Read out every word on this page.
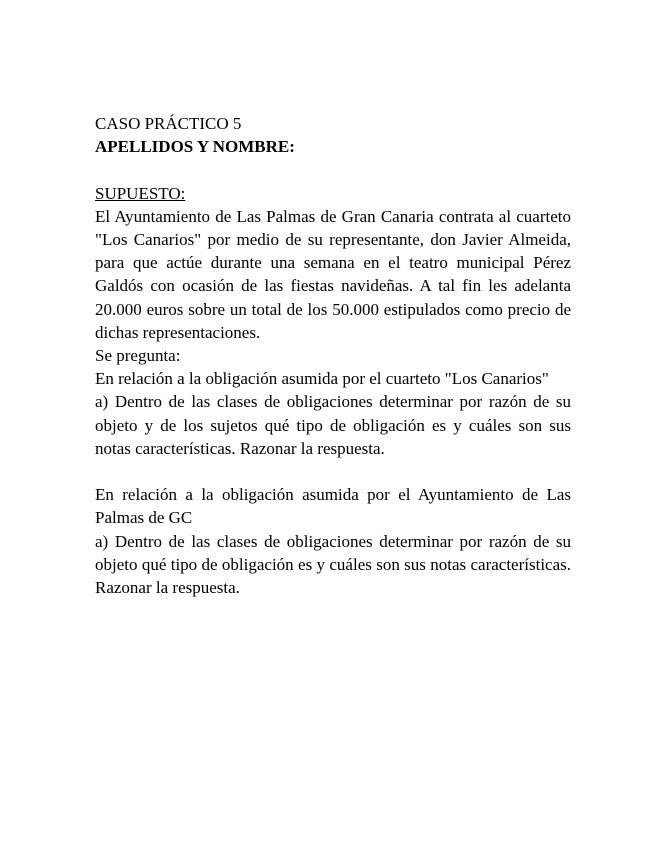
CASO PRÁCTICO 5

APELLIDOS Y NOMBRE:

SUPUESTO:

El Ayuntamiento de Las Palmas de Gran Canaria contrata al cuarteto "Los Canarios" por medio de su representante, don Javier Almeida, para que actúe durante una semana en el teatro municipal Pérez Galdós con ocasión de las fiestas navideñas. A tal fin les adelanta 20.000 euros sobre un total de los 50.000 estipulados como precio de dichas representaciones.

Se pregunta:

En relación a la obligación asumida por el cuarteto "Los Canarios"

a) Dentro de las clases de obligaciones determinar por razón de su objeto y de los sujetos qué tipo de obligación es y cuáles son sus notas características. Razonar la respuesta.

En relación a la obligación asumida por el Ayuntamiento de Las Palmas de GC

a) Dentro de las clases de obligaciones determinar por razón de su objeto qué tipo de obligación es y cuáles son sus notas características. Razonar la respuesta.
